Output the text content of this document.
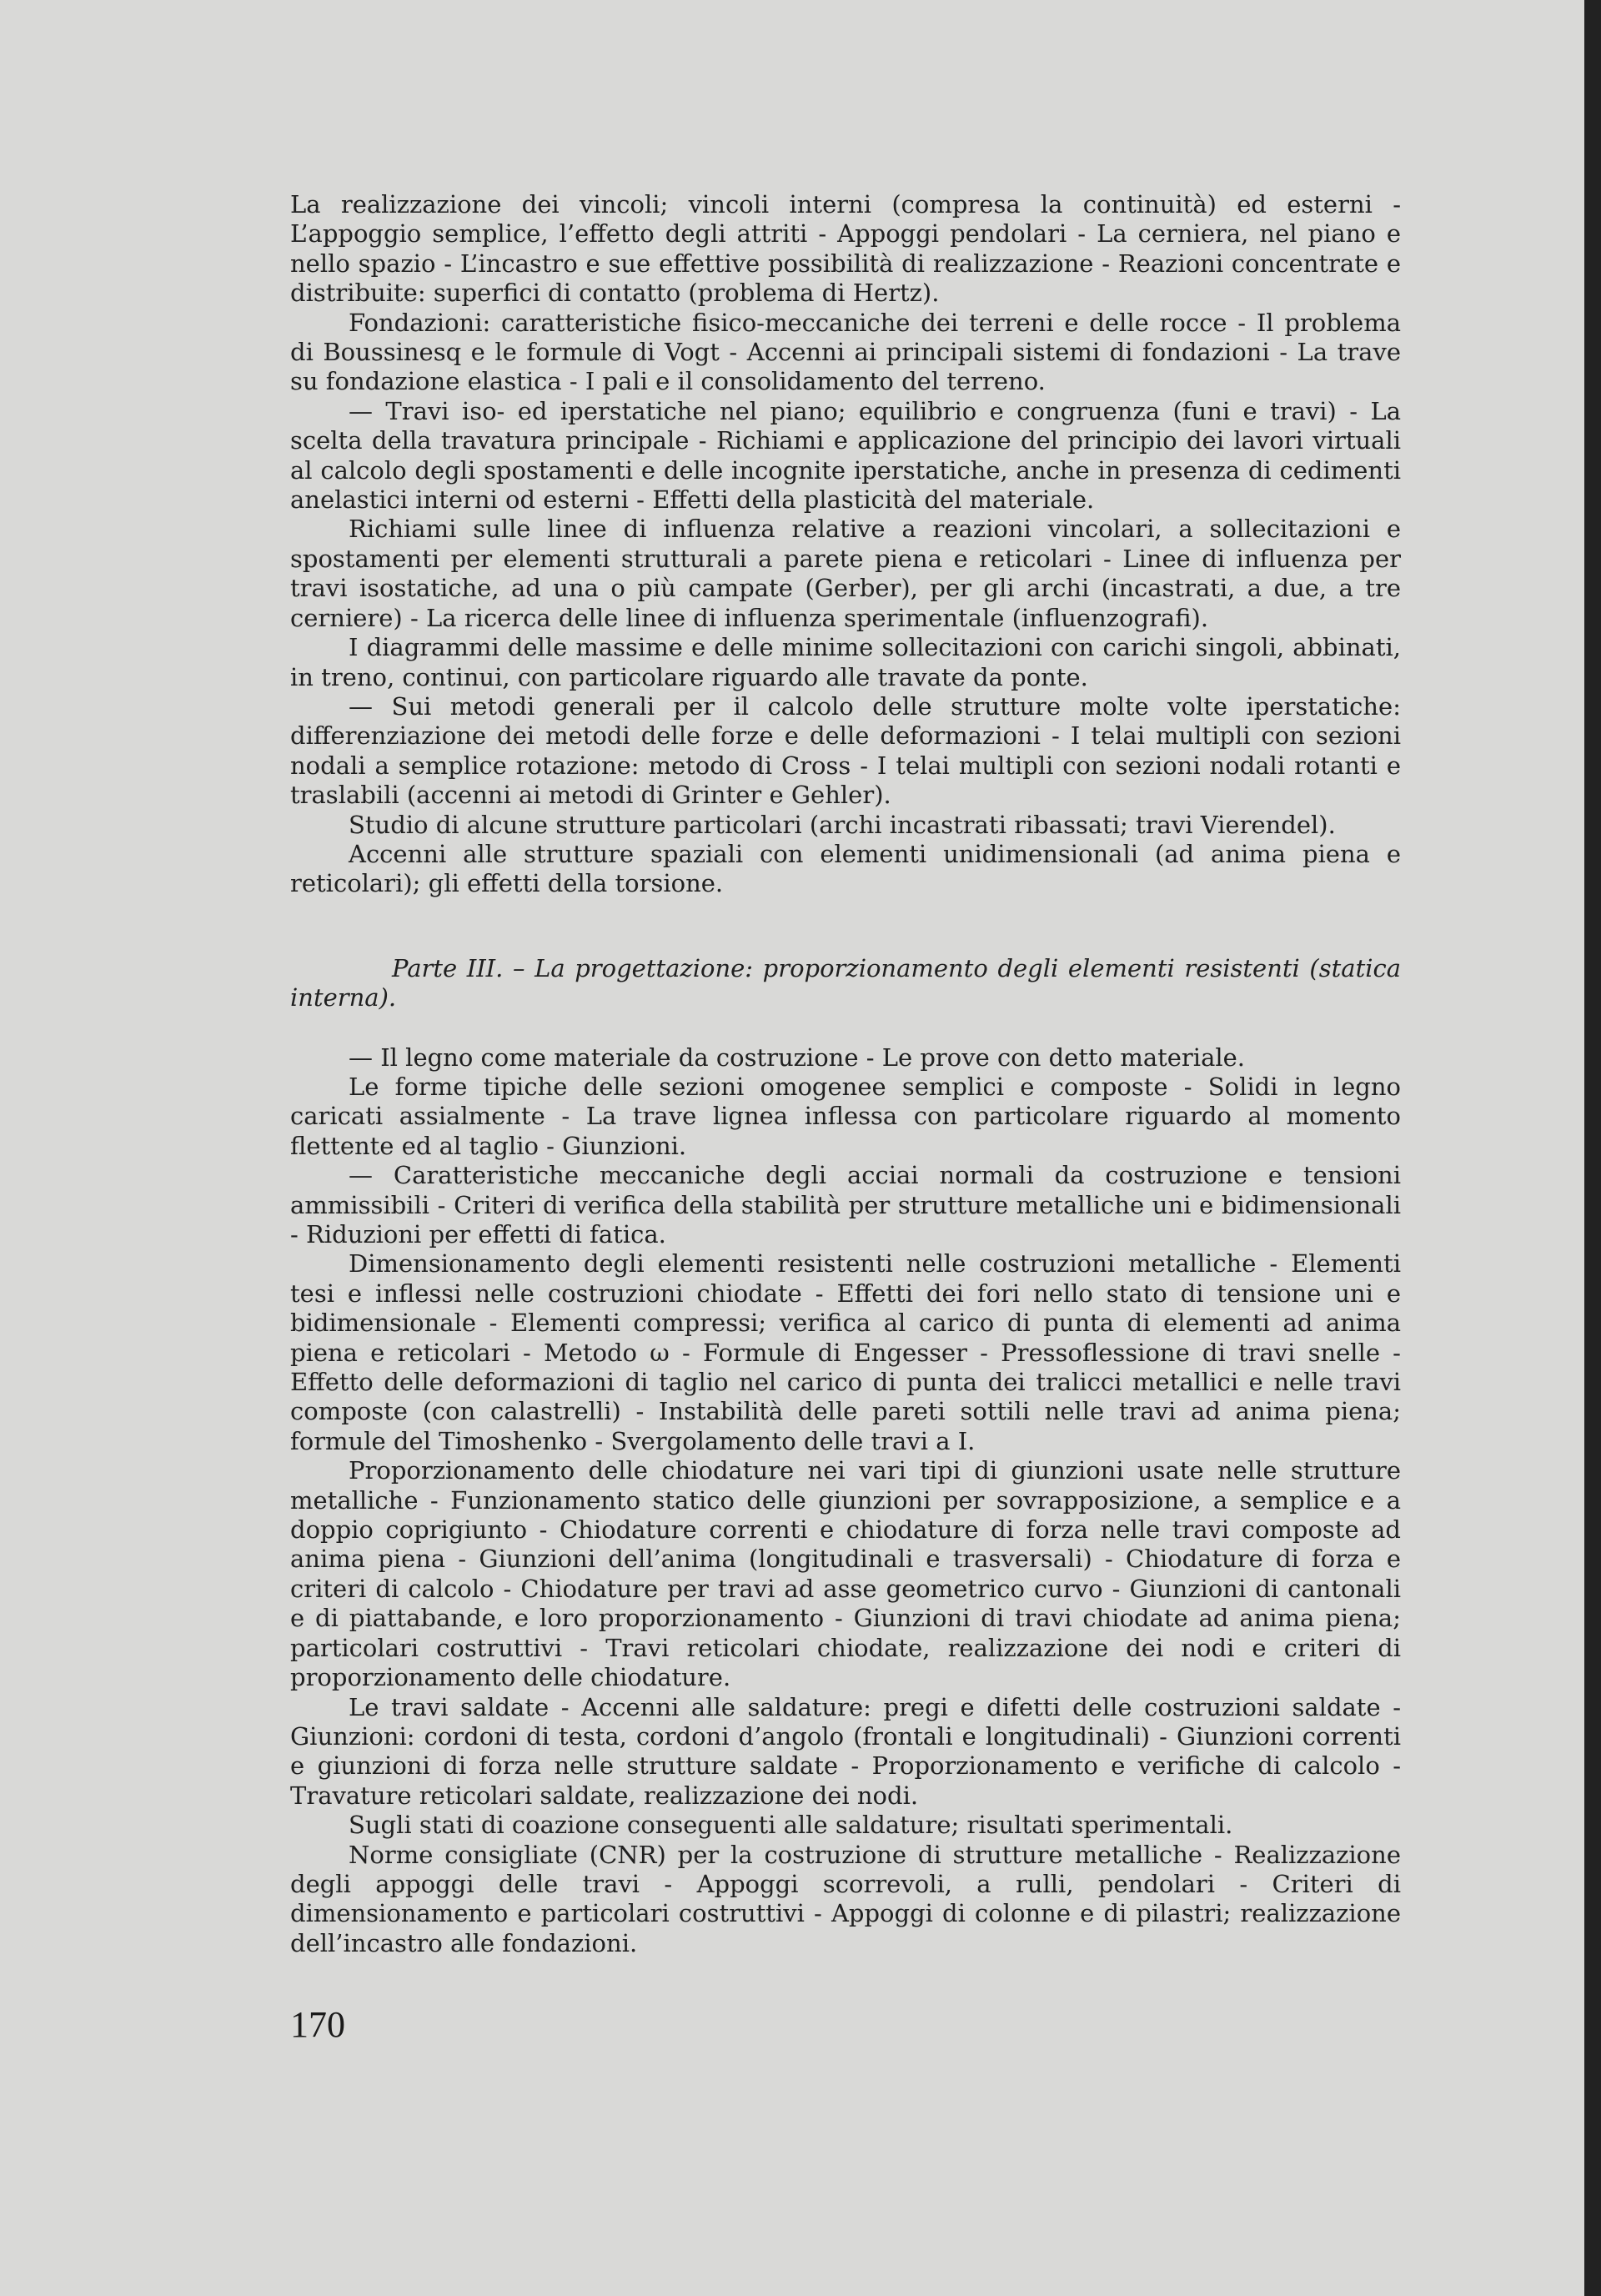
La realizzazione dei vincoli; vincoli interni (compresa la continuità) ed esterni - L’appoggio semplice, l’effetto degli attriti - Appoggi pendolari - La cerniera, nel piano e nello spazio - L’incastro e sue effettive possibilità di realizzazione - Reazioni concentrate e distribuite: superfici di contatto (problema di Hertz).

Fondazioni: caratteristiche fisico-meccaniche dei terreni e delle rocce - Il problema di Boussinesq e le formule di Vogt - Accenni ai principali sistemi di fondazioni - La trave su fondazione elastica - I pali e il consolidamento del terreno.

— Travi iso- ed iperstatiche nel piano; equilibrio e congruenza (funi e travi) - La scelta della travatura principale - Richiami e applicazione del principio dei lavori virtuali al calcolo degli spostamenti e delle incognite iperstatiche, anche in presenza di cedimenti anelastici interni od esterni - Effetti della plasticità del materiale.

Richiami sulle linee di influenza relative a reazioni vincolari, a sollecitazioni e spostamenti per elementi strutturali a parete piena e reticolari - Linee di influenza per travi isostatiche, ad una o più campate (Gerber), per gli archi (incastrati, a due, a tre cerniere) - La ricerca delle linee di influenza sperimentale (influenzografi).

I diagrammi delle massime e delle minime sollecitazioni con carichi singoli, abbinati, in treno, continui, con particolare riguardo alle travate da ponte.

— Sui metodi generali per il calcolo delle strutture molte volte iperstatiche: differenziazione dei metodi delle forze e delle deformazioni - I telai multipli con sezioni nodali a semplice rotazione: metodo di Cross - I telai multipli con sezioni nodali rotanti e traslabili (accenni ai metodi di Grinter e Gehler).

Studio di alcune strutture particolari (archi incastrati ribassati; travi Vierendel).

Accenni alle strutture spaziali con elementi unidimensionali (ad anima piena e reticolari); gli effetti della torsione.

Parte III. – La progettazione: proporzionamento degli elementi resistenti (statica interna).

— Il legno come materiale da costruzione - Le prove con detto materiale.

Le forme tipiche delle sezioni omogenee semplici e composte - Solidi in legno caricati assialmente - La trave lignea inflessa con particolare riguardo al momento flettente ed al taglio - Giunzioni.

— Caratteristiche meccaniche degli acciai normali da costruzione e tensioni ammissibili - Criteri di verifica della stabilità per strutture metalliche uni e bidimensionali - Riduzioni per effetti di fatica.

Dimensionamento degli elementi resistenti nelle costruzioni metalliche - Elementi tesi e inflessi nelle costruzioni chiodate - Effetti dei fori nello stato di tensione uni e bidimensionale - Elementi compressi; verifica al carico di punta di elementi ad anima piena e reticolari - Metodo ω - Formule di Engesser - Pressoflessione di travi snelle - Effetto delle deformazioni di taglio nel carico di punta dei tralicci metallici e nelle travi composte (con calastrelli) - Instabilità delle pareti sottili nelle travi ad anima piena; formule del Timoshenko - Svergolamento delle travi a I.

Proporzionamento delle chiodature nei vari tipi di giunzioni usate nelle strutture metalliche - Funzionamento statico delle giunzioni per sovrapposizione, a semplice e a doppio coprigiunto - Chiodature correnti e chiodature di forza nelle travi composte ad anima piena - Giunzioni dell’anima (longitudinali e trasversali) - Chiodature di forza e criteri di calcolo - Chiodature per travi ad asse geometrico curvo - Giunzioni di cantonali e di piattabande, e loro proporzionamento - Giunzioni di travi chiodate ad anima piena; particolari costruttivi - Travi reticolari chiodate, realizzazione dei nodi e criteri di proporzionamento delle chiodature.

Le travi saldate - Accenni alle saldature: pregi e difetti delle costruzioni saldate - Giunzioni: cordoni di testa, cordoni d’angolo (frontali e longitudinali) - Giunzioni correnti e giunzioni di forza nelle strutture saldate - Proporzionamento e verifiche di calcolo - Travature reticolari saldate, realizzazione dei nodi.

Sugli stati di coazione conseguenti alle saldature; risultati sperimentali.

Norme consigliate (CNR) per la costruzione di strutture metalliche - Realizzazione degli appoggi delle travi - Appoggi scorrevoli, a rulli, pendolari - Criteri di dimensionamento e particolari costruttivi - Appoggi di colonne e di pilastri; realizzazione dell’incastro alle fondazioni.

170
